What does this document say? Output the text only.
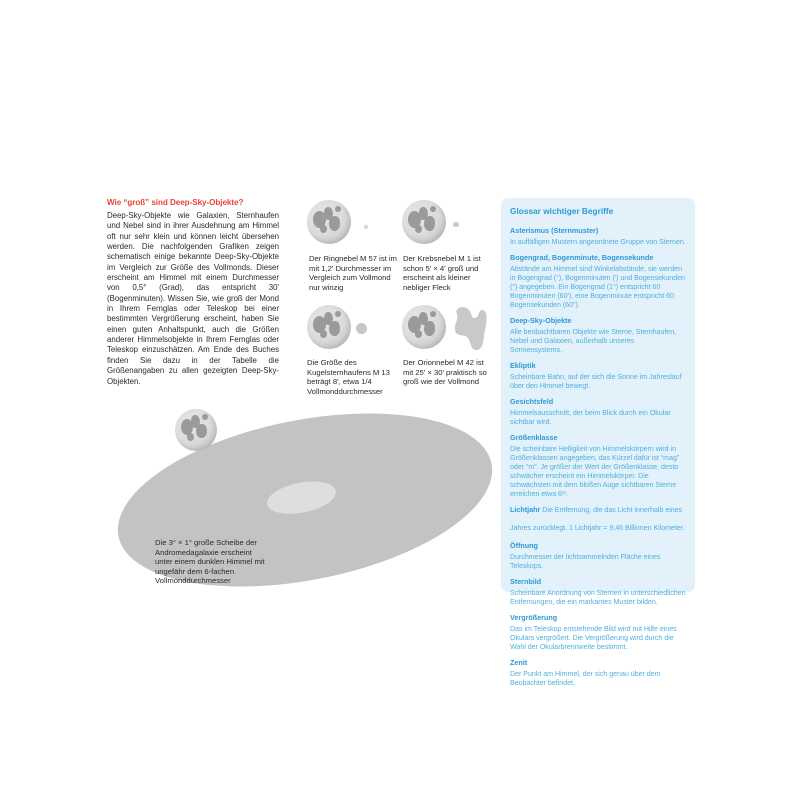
Wie “groß” sind Deep-Sky-Objekte?

Deep-Sky-Objekte wie Galaxien, Sternhaufen und Nebel sind in ihrer Ausdehnung am Himmel oft nur sehr klein und können leicht übersehen werden. Die nachfolgenden Grafiken zeigen schematisch einige bekannte Deep-Sky-Objekte im Vergleich zur Größe des Vollmonds. Dieser erscheint am Himmel mit einem Durchmesser von 0,5° (Grad), das entspricht 30' (Bogenminuten). Wissen Sie, wie groß der Mond in Ihrem Fernglas oder Teleskop bei einer bestimmten Vergrößerung erscheint, haben Sie einen guten Anhaltspunkt, auch die Größen anderer Himmelsobjekte in Ihrem Fernglas oder Teleskop einzuschätzen. Am Ende des Buches finden Sie dazu in der Tabelle die Größenangaben zu allen gezeigten Deep-Sky-Objekten.

Der Ringnebel M 57 ist im mit 1,2' Durchmesser im Vergleich zum Vollmond nur winzig
Der Krebsnebel M 1 ist schon 5' × 4' groß und erscheint als kleiner nebliger Fleck
Die Größe des Kugelsternhaufens M 13 beträgt 8', etwa 1/4 Vollmonddurchmesser
Der Orionnebel M 42 ist mit 25' × 30' praktisch so groß wie der Vollmond
Die 3° × 1° große Scheibe der Andromedagalaxie erscheint unter einem dunklen Himmel mit ungefähr dem 6-fachen Vollmonddurchmesser
Glossar wichtiger Begriffe
Asterismus (Sternmuster)
In auffälligen Mustern angeordnete Gruppe von Sternen.
Bogengrad, Bogenminute, Bogensekunde
Abstände am Himmel sind Winkelabstände, sie werden in Bogengrad (°), Bogenminuten (') und Bogensekunden (") angegeben. Ein Bogengrad (1°) entspricht 60 Bogenminuten (60'), eine Bogenminute entspricht 60 Bogensekunden (60").
Deep-Sky-Objekte
Alle beobachtbaren Objekte wie Sterne, Sternhaufen, Nebel und Galaxien, außerhalb unseres Sonnensystems.
Ekliptik
Scheinbare Bahn, auf der sich die Sonne im Jahreslauf über den Himmel bewegt.
Gesichtsfeld
Himmelsausschnitt, der beim Blick durch ein Okular sichtbar wird.
Größenklasse
Die scheinbare Helligkeit von Himmelskörpern wird in Größenklassen angegeben, das Kürzel dafür ist “mag” oder “m”. Je größer der Wert der Größenklasse, desto schwächer erscheint ein Himmelskörper. Die schwächsten mit dem bloßen Auge sichtbaren Sterne erreichen etwa 6ᵐ.
Lichtjahr Die Entfernung, die das Licht innerhalb eines Jahres zurücklegt. 1 Lichtjahr = 9,46 Billionen Kilometer.
Öffnung
Durchmesser der lichtsammelnden Fläche eines Teleskops.
Sternbild
Scheinbare Anordnung von Sternen in unterschiedlichen Entfernungen, die ein markantes Muster bilden.
Vergrößerung
Das im Teleskop entstehende Bild wird mit Hilfe eines Okulars vergrößert. Die Vergrößerung wird durch die Wahl der Okularbrennweite bestimmt.
Zenit
Der Punkt am Himmel, der sich genau über dem Beobachter befindet.
